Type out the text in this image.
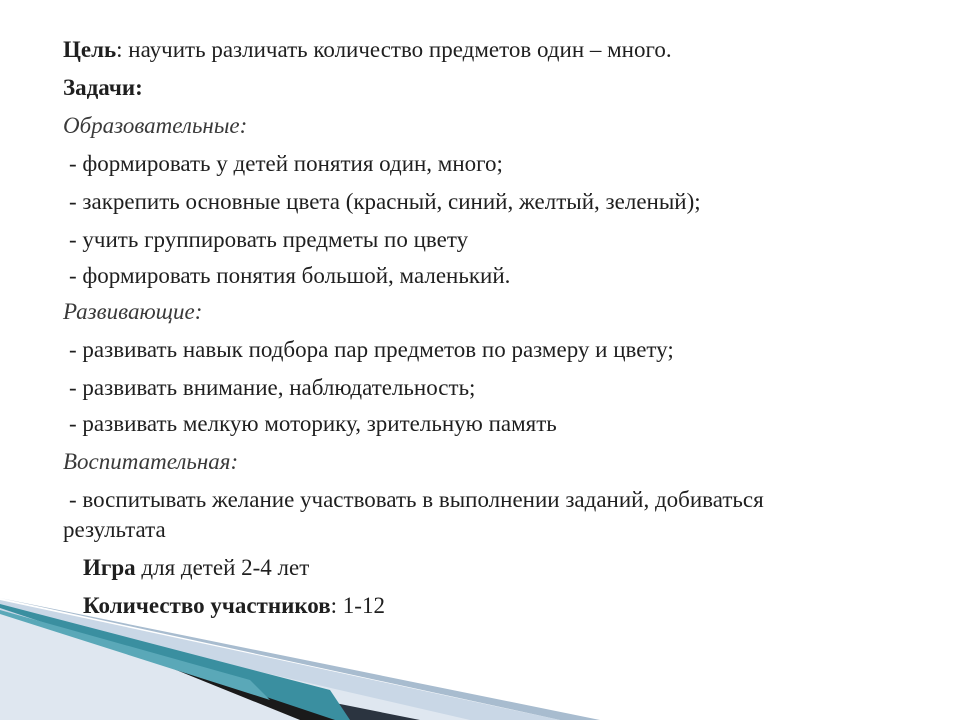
Цель: научить различать количество предметов один – много.
Задачи:
Образовательные:
- формировать у детей понятия один, много;
- закрепить основные цвета (красный, синий, желтый, зеленый);
- учить группировать предметы по цвету
- формировать понятия большой, маленький.
Развивающие:
- развивать навык подбора пар предметов по размеру и цвету;
- развивать внимание, наблюдательность;
- развивать мелкую моторику, зрительную память
Воспитательная:
- воспитывать желание участвовать в выполнении заданий, добиваться
результата
Игра для детей 2-4 лет
Количество участников: 1-12
